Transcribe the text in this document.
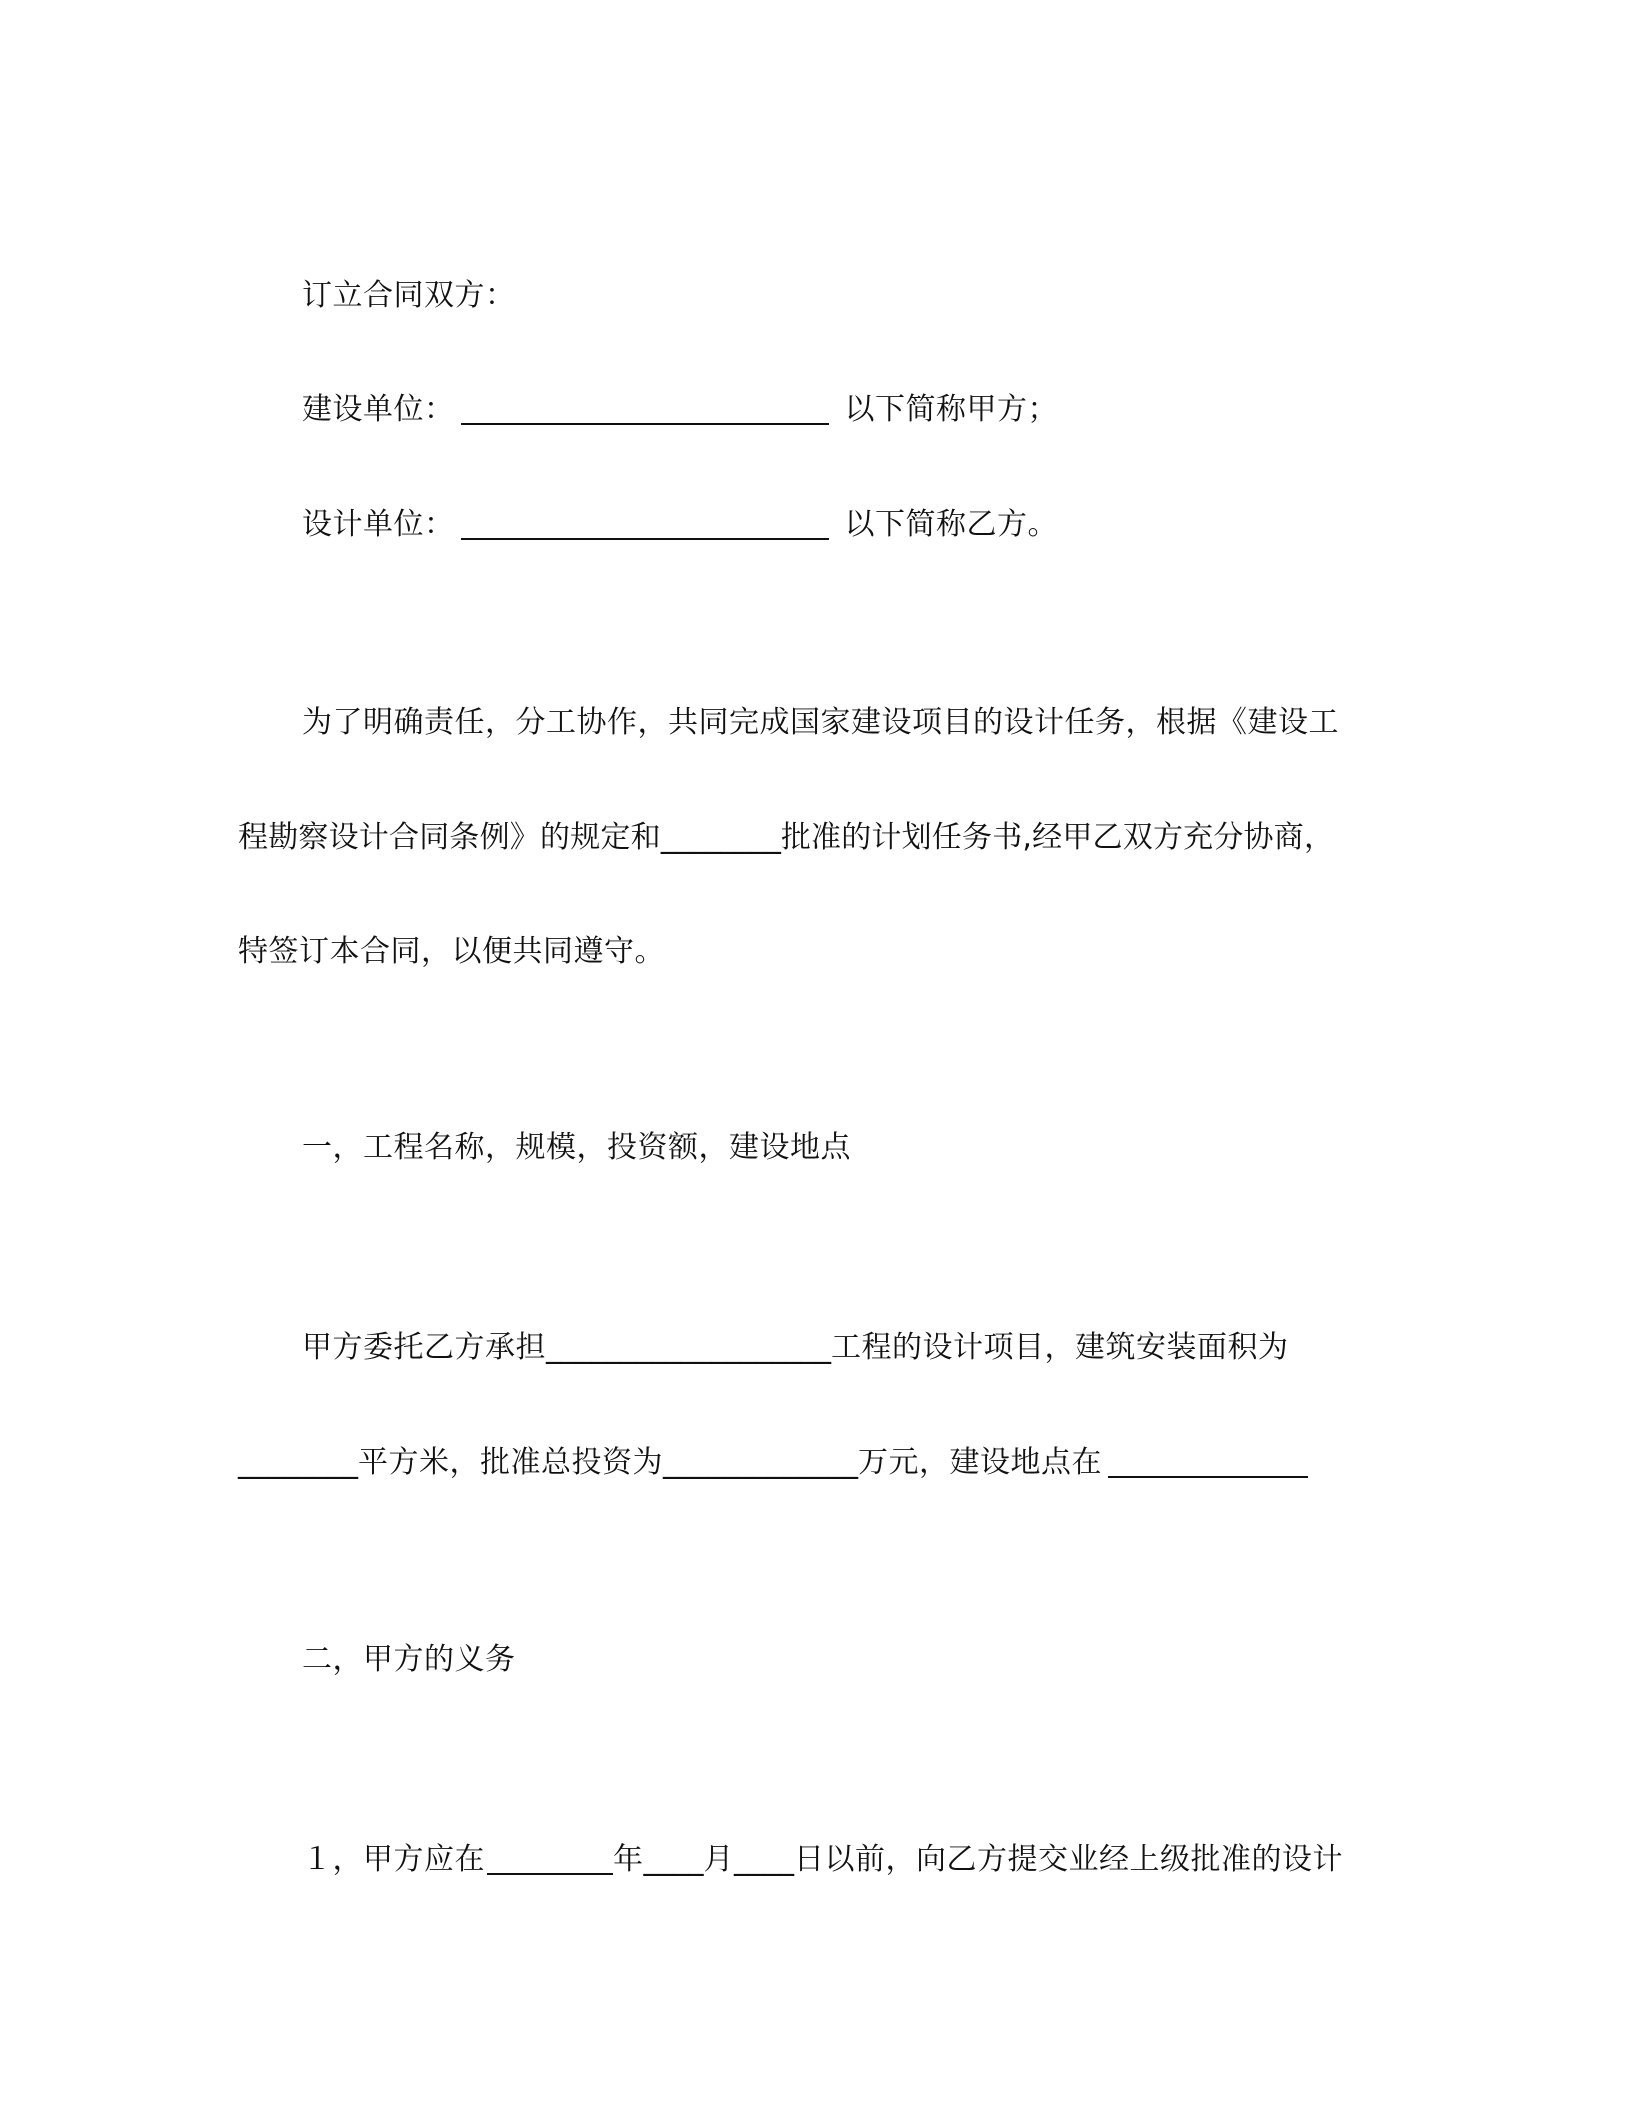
订立合同双方：
建设单位：	以下简称甲方；
设计单位：	以下简称乙方。
为了明确责任，分工协作，共同完成国家建设项目的设计任务，根据《建设工
程勘察设计合同条例》的规定和________批准的计划任务书,经甲乙双方充分协商，
特签订本合同，以便共同遵守。
一，工程名称，规模，投资额，建设地点
甲方委托乙方承担___________________工程的设计项目，建筑安装面积为
________平方米，批准总投资为_____________万元，建设地点在
二，甲方的义务
１，甲方应在	年____月____日以前，向乙方提交业经上级批准的设计
